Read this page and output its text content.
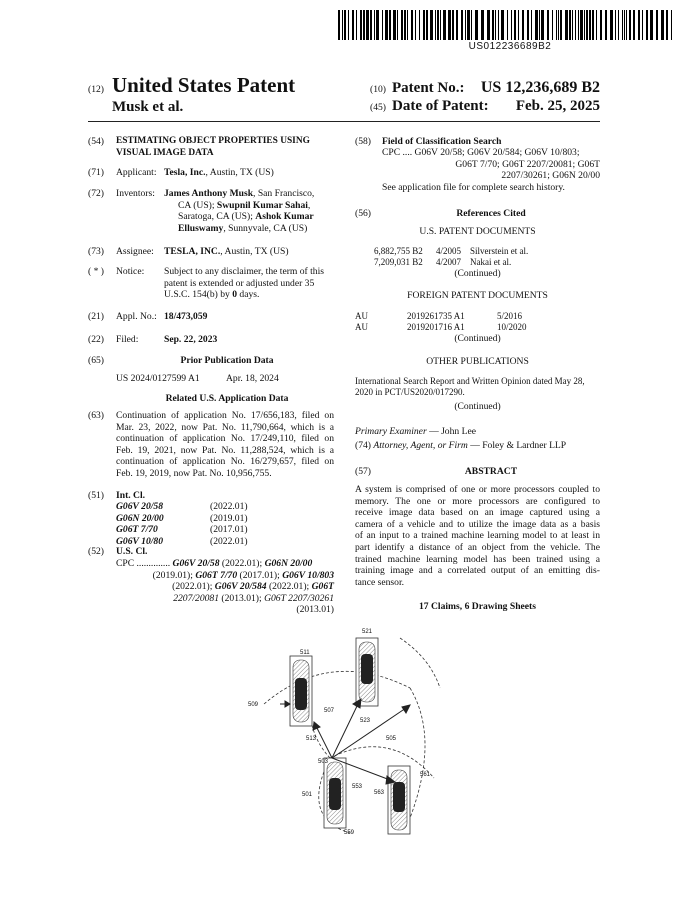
US012236689B2
(12) United States Patent
Musk et al.
(10) Patent No.:	US 12,236,689 B2
(45) Date of Patent:	Feb. 25, 2025
(54)	ESTIMATING OBJECT PROPERTIES USING VISUAL IMAGE DATA
(71) Applicant: Tesla, Inc., Austin, TX (US)
(72) Inventors: James Anthony Musk, San Francisco,
CA (US); Swupnil Kumar Sahai,
Saratoga, CA (US); Ashok Kumar
Elluswamy, Sunnyvale, CA (US)
(73) Assignee: TESLA, INC., Austin, TX (US)
( * ) Notice: Subject to any disclaimer, the term of this
patent is extended or adjusted under 35
U.S.C. 154(b) by 0 days.
(21) Appl. No.: 18/473,059
(22) Filed:	Sep. 22, 2023
(65)	Prior Publication Data
US 2024/0127599 A1	Apr. 18, 2024
Related U.S. Application Data
(63) Continuation of application No. 17/656,183, filed on
Mar. 23, 2022, now Pat. No. 11,790,664, which is a
continuation of application No. 17/249,110, filed on
Feb. 19, 2021, now Pat. No. 11,288,524, which is a
continuation of application No. 16/279,657, filed on
Feb. 19, 2019, now Pat. No. 10,956,755.
(51) Int. Cl.
G06V 20/58	(2022.01)
G06N 20/00	(2019.01)
G06T 7/70	(2017.01)
G06V 10/80	(2022.01)
(52) U.S. Cl.
CPC .............. G06V 20/58 (2022.01); G06N 20/00
(2019.01); G06T 7/70 (2017.01); G06V 10/803
(2022.01); G06V 20/584 (2022.01); G06T
2207/20081 (2013.01); G06T 2207/30261
(2013.01)
(58) Field of Classification Search
CPC .... G06V 20/58; G06V 20/584; G06V 10/803;
G06T 7/70; G06T 2207/20081; G06T
2207/30261; G06N 20/00
See application file for complete search history.
(56)	References Cited
U.S. PATENT DOCUMENTS
6,882,755 B2	4/2005 Silverstein et al.
7,209,031 B2	4/2007 Nakai et al.
(Continued)
FOREIGN PATENT DOCUMENTS
AU	2019261735 A1	5/2016
AU	2019201716 A1	10/2020
(Continued)
OTHER PUBLICATIONS
International Search Report and Written Opinion dated May 28,
2020 in PCT/US2020/017290.
(Continued)
Primary Examiner — John Lee
(74) Attorney, Agent, or Firm — Foley & Lardner LLP
(57)	ABSTRACT
A system is comprised of one or more processors coupled to
memory. The one or more processors are configured to
receive image data based on an image captured using a
camera of a vehicle and to utilize the image data as a basis
of an input to a trained machine learning model to at least in
part identify a distance of an object from the vehicle. The
trained machine learning model has been trained using a
training image and a correlated output of an emitting dis-
tance sensor.
17 Claims, 6 Drawing Sheets
511
521
509
507
523
513	505
503
501
553
563
561
559
